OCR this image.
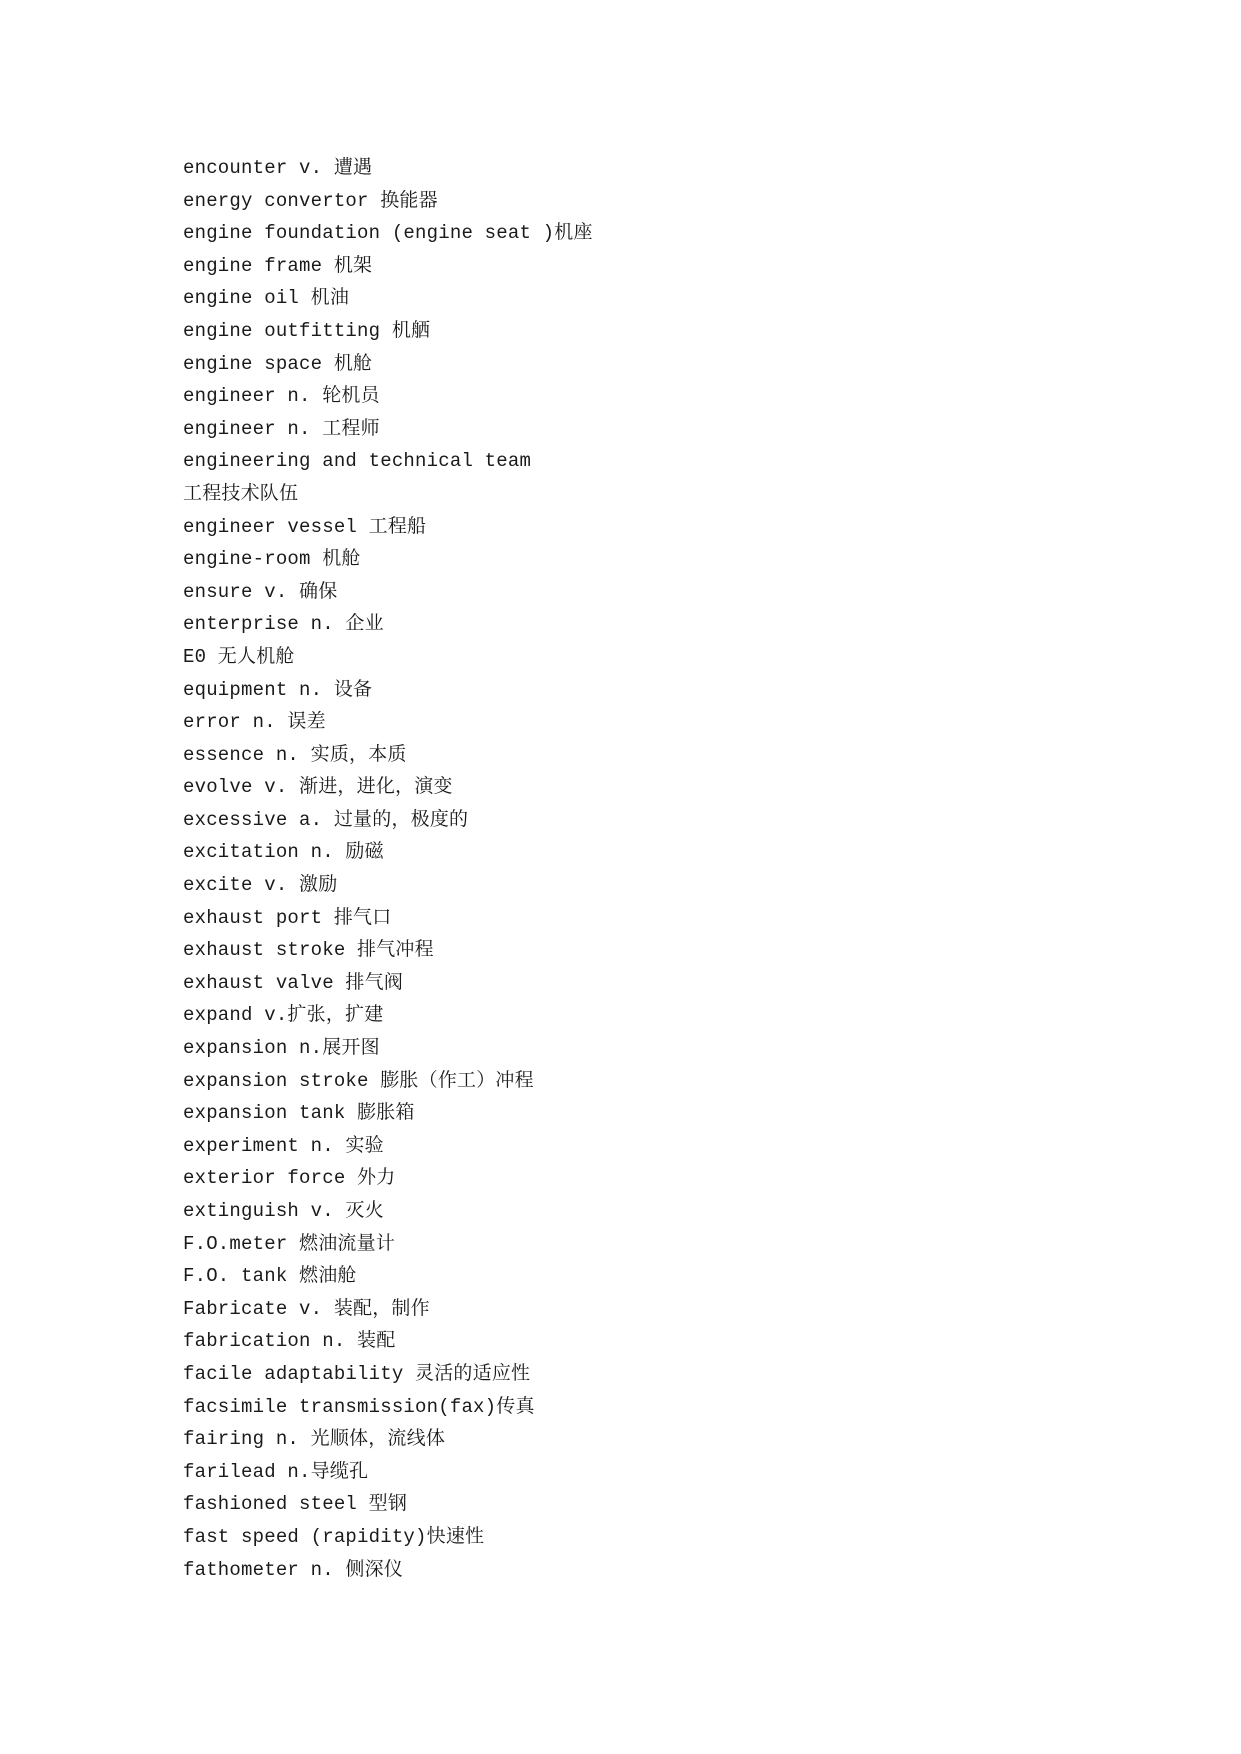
encounter v. 遭遇
energy convertor 换能器
engine foundation (engine seat )机座
engine frame 机架
engine oil 机油
engine outfitting 机舾
engine space 机舱
engineer n. 轮机员
engineer n. 工程师
engineering and technical team
工程技术队伍
engineer vessel 工程船
engine-room 机舱
ensure v. 确保
enterprise n. 企业
E0 无人机舱
equipment n. 设备
error n. 误差
essence n. 实质，本质
evolve v. 渐进，进化，演变
excessive a. 过量的，极度的
excitation n. 励磁
excite v. 激励
exhaust port 排气口
exhaust stroke 排气冲程
exhaust valve 排气阀
expand v.扩张，扩建
expansion n.展开图
expansion stroke 膨胀（作工）冲程
expansion tank 膨胀箱
experiment n. 实验
exterior force 外力
extinguish v. 灭火
F.O.meter 燃油流量计
F.O. tank 燃油舱
Fabricate v. 装配，制作
fabrication n. 装配
facile adaptability 灵活的适应性
facsimile transmission(fax)传真
fairing n. 光顺体，流线体
farilead n.导缆孔
fashioned steel 型钢
fast speed (rapidity)快速性
fathometer n. 侧深仪
